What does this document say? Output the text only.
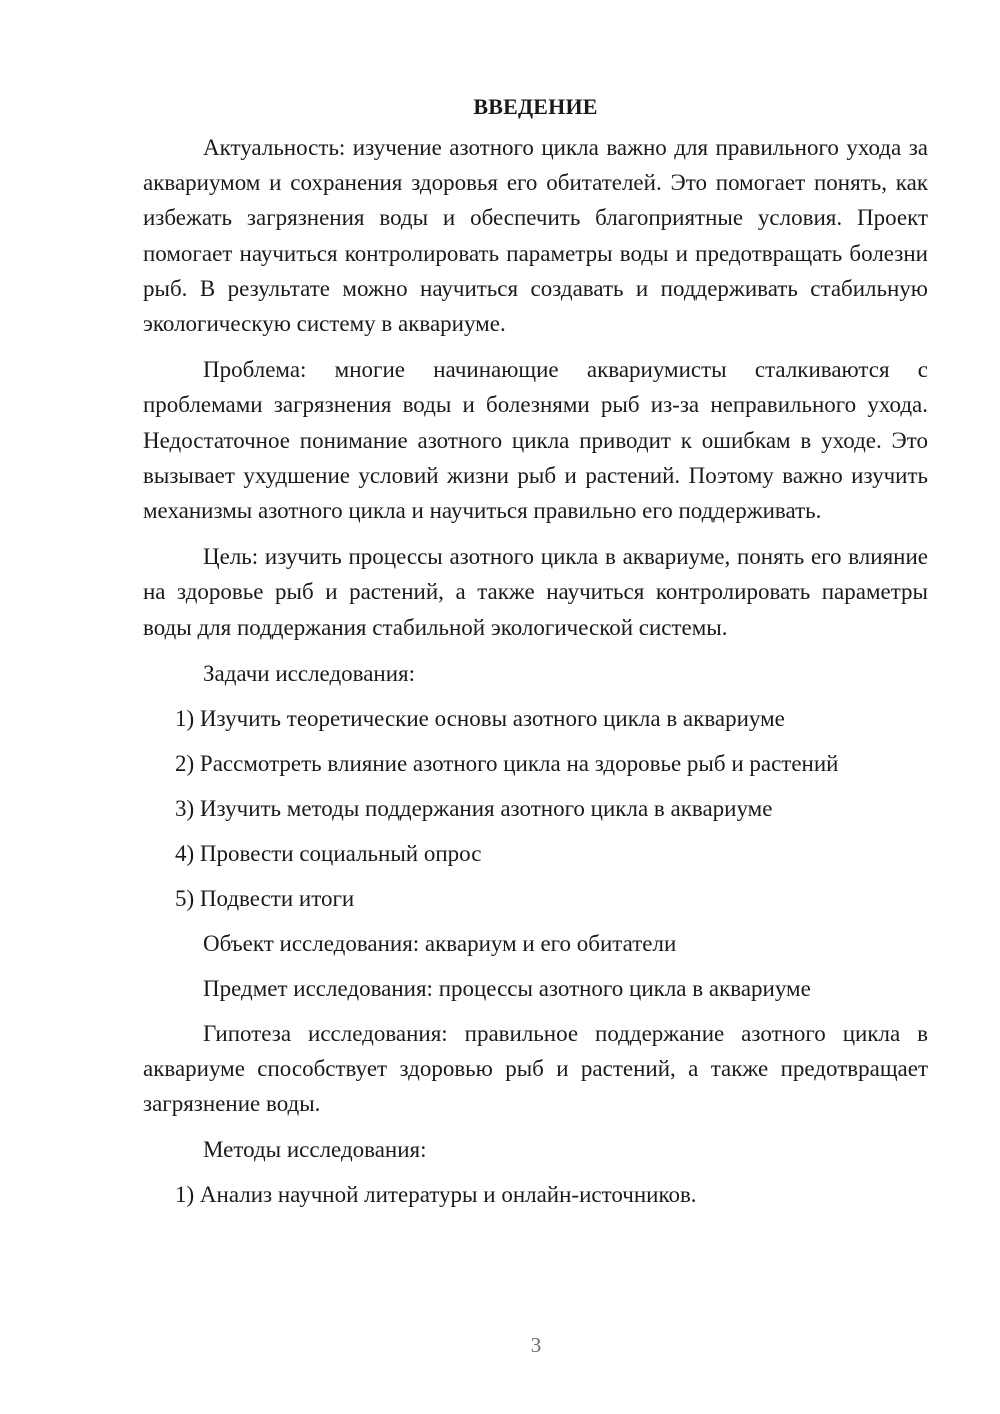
ВВЕДЕНИЕ

Актуальность: изучение азотного цикла важно для правильного ухода за аквариумом и сохранения здоровья его обитателей. Это помогает понять, как избежать загрязнения воды и обеспечить благоприятные условия. Проект помогает научиться контролировать параметры воды и предотвращать болезни рыб. В результате можно научиться создавать и поддерживать стабильную экологическую систему в аквариуме.

Проблема: многие начинающие аквариумисты сталкиваются с проблемами загрязнения воды и болезнями рыб из-за неправильного ухода. Недостаточное понимание азотного цикла приводит к ошибкам в уходе. Это вызывает ухудшение условий жизни рыб и растений. Поэтому важно изучить механизмы азотного цикла и научиться правильно его поддерживать.

Цель: изучить процессы азотного цикла в аквариуме, понять его влияние на здоровье рыб и растений, а также научиться контролировать параметры воды для поддержания стабильной экологической системы.

Задачи исследования:
1) Изучить теоретические основы азотного цикла в аквариуме
2) Рассмотреть влияние азотного цикла на здоровье рыб и растений
3) Изучить методы поддержания азотного цикла в аквариуме
4) Провести социальный опрос
5) Подвести итоги
Объект исследования: аквариум и его обитатели
Предмет исследования: процессы азотного цикла в аквариуме

Гипотеза исследования: правильное поддержание азотного цикла в аквариуме способствует здоровью рыб и растений, а также предотвращает загрязнение воды.

Методы исследования:
1) Анализ научной литературы и онлайн-источников.
3
